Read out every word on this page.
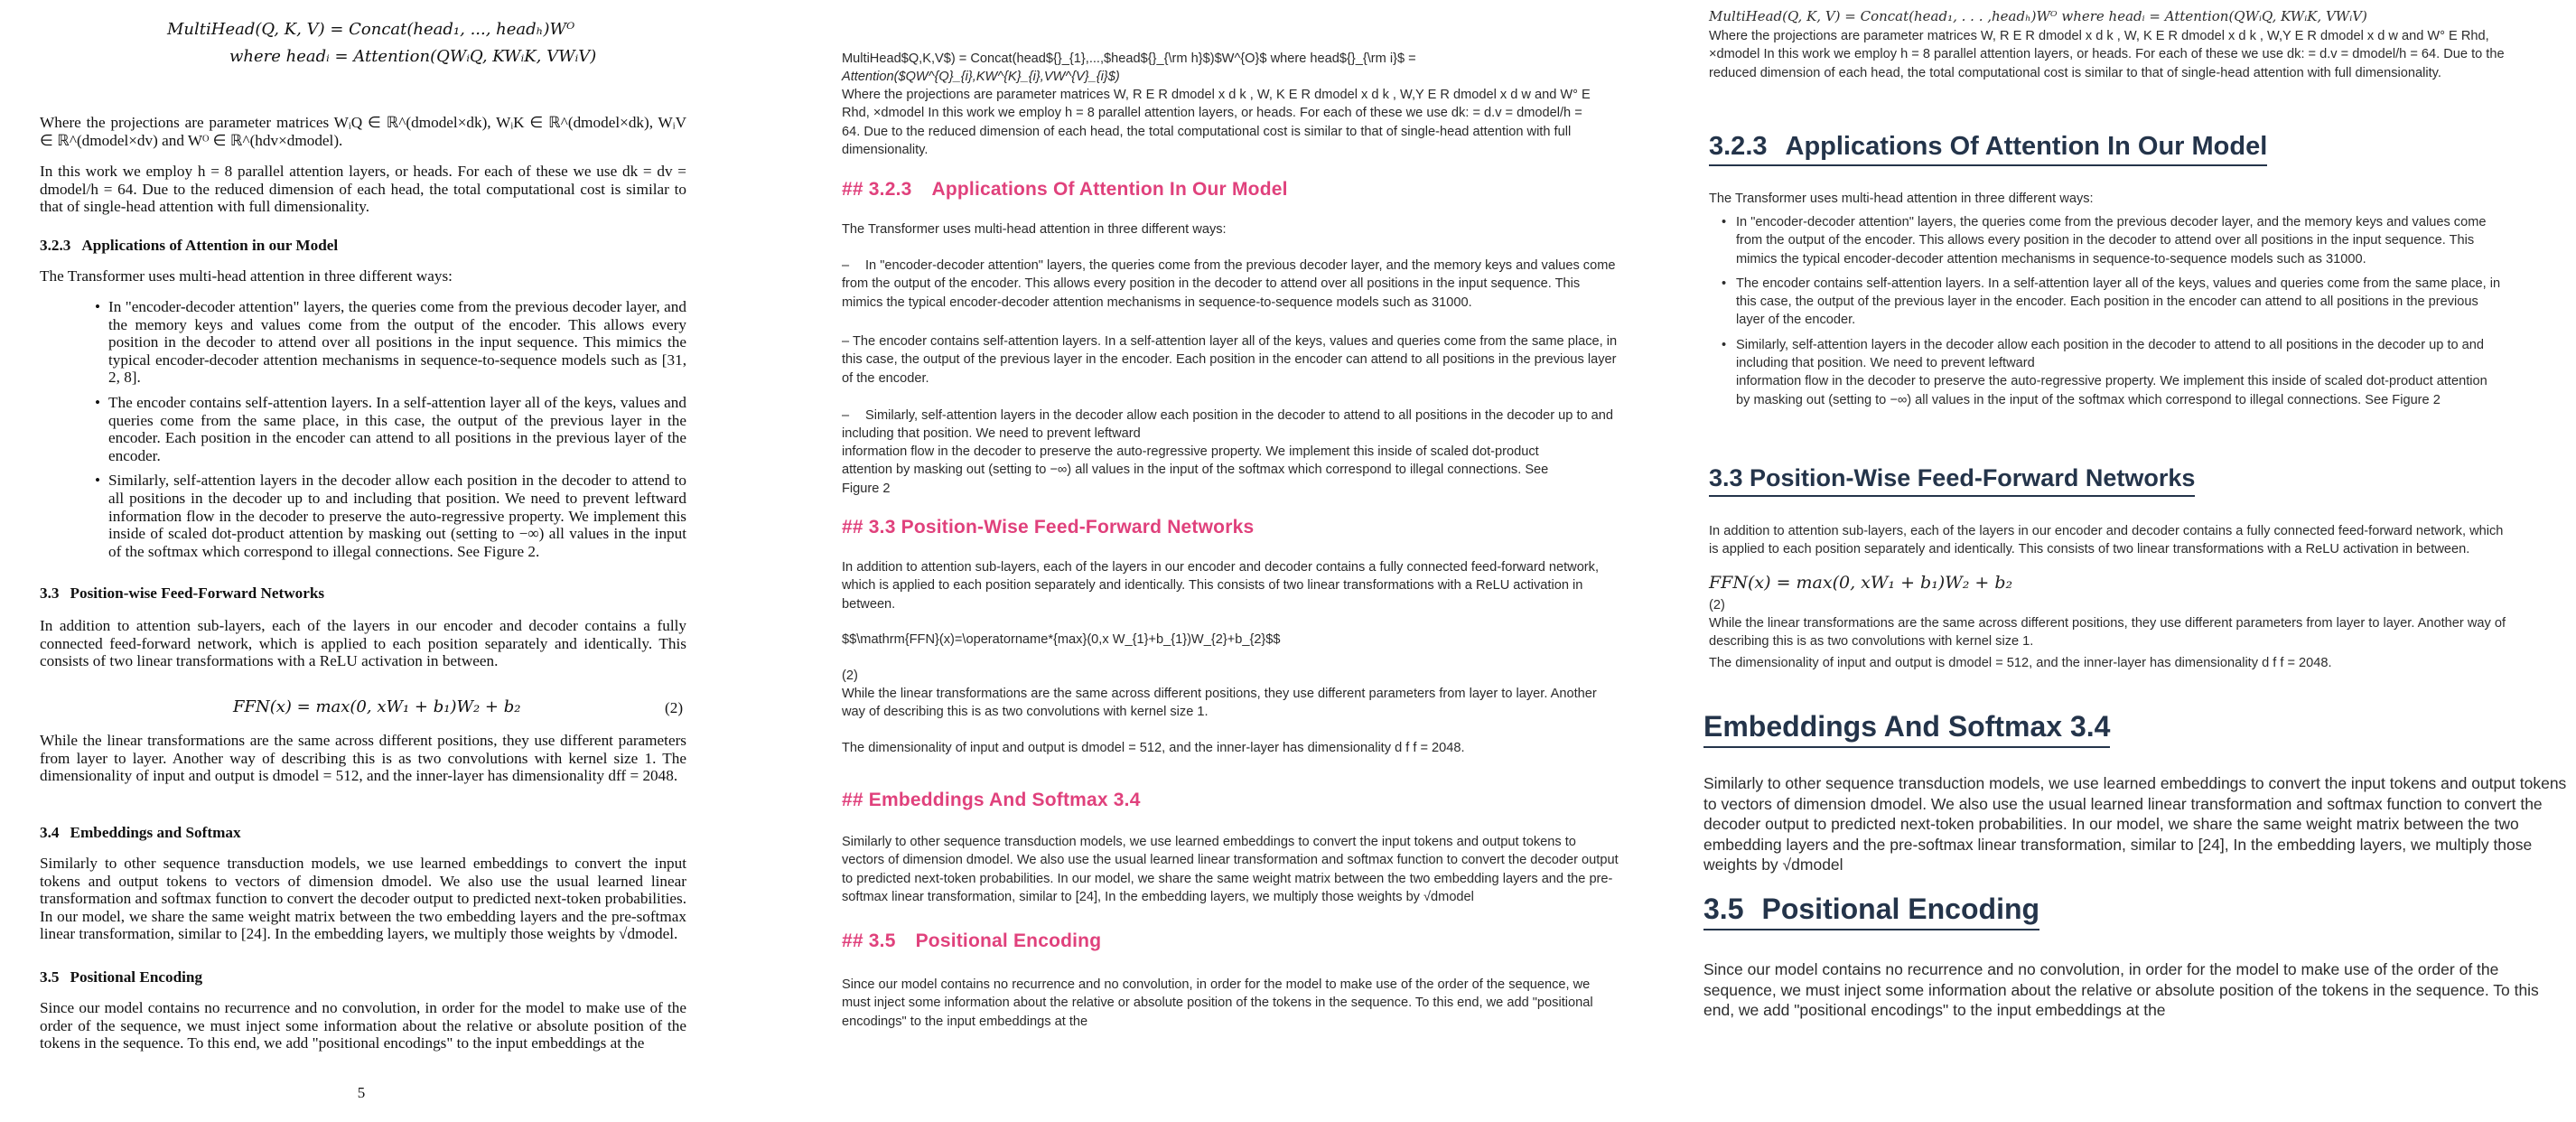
MultiHead(Q, K, V) = Concat(head₁, ..., headₕ)Wᴼ
where headᵢ = Attention(QWᵢQ, KWᵢK, VWᵢV)

Where the projections are parameter matrices WᵢQ ∈ ℝ^(dmodel×dk), WᵢK ∈ ℝ^(dmodel×dk), WᵢV ∈ ℝ^(dmodel×dv) and Wᴼ ∈ ℝ^(hdv×dmodel).

In this work we employ h = 8 parallel attention layers, or heads. For each of these we use dk = dv = dmodel/h = 64. Due to the reduced dimension of each head, the total computational cost is similar to that of single-head attention with full dimensionality.

3.2.3 Applications of Attention in our Model

The Transformer uses multi-head attention in three different ways:

• In "encoder-decoder attention" layers, the queries come from the previous decoder layer, and the memory keys and values come from the output of the encoder. This allows every position in the decoder to attend over all positions in the input sequence. This mimics the typical encoder-decoder attention mechanisms in sequence-to-sequence models such as [31, 2, 8].
• The encoder contains self-attention layers. In a self-attention layer all of the keys, values and queries come from the same place, in this case, the output of the previous layer in the encoder. Each position in the encoder can attend to all positions in the previous layer of the encoder.
• Similarly, self-attention layers in the decoder allow each position in the decoder to attend to all positions in the decoder up to and including that position. We need to prevent leftward information flow in the decoder to preserve the auto-regressive property. We implement this inside of scaled dot-product attention by masking out (setting to −∞) all values in the input of the softmax which correspond to illegal connections. See Figure 2.
3.3 Position-wise Feed-Forward Networks

In addition to attention sub-layers, each of the layers in our encoder and decoder contains a fully connected feed-forward network, which is applied to each position separately and identically. This consists of two linear transformations with a ReLU activation in between.

FFN(x) = max(0, xW₁ + b₁)W₂ + b₂	(2)

While the linear transformations are the same across different positions, they use different parameters from layer to layer. Another way of describing this is as two convolutions with kernel size 1. The dimensionality of input and output is dmodel = 512, and the inner-layer has dimensionality dff = 2048.

3.4 Embeddings and Softmax

Similarly to other sequence transduction models, we use learned embeddings to convert the input tokens and output tokens to vectors of dimension dmodel. We also use the usual learned linear transformation and softmax function to convert the decoder output to predicted next-token probabilities. In our model, we share the same weight matrix between the two embedding layers and the pre-softmax linear transformation, similar to [24]. In the embedding layers, we multiply those weights by √dmodel.

3.5 Positional Encoding

Since our model contains no recurrence and no convolution, in order for the model to make use of the order of the sequence, we must inject some information about the relative or absolute position of the tokens in the sequence. To this end, we add "positional encodings" to the input embeddings at the

5

MultiHead$Q,K,V$) = Concat(head${}_{1},...,$head${}_{\rm h}$)$W^{O}$ where head${}_{\rm i}$ =

Attention($QW^{Q}_{i},KW^{K}_{i},VW^{V}_{i}$)

Where the projections are parameter matrices W, R E R dmodel x d k , W, K E R dmodel x d k , W,Y E R dmodel x d w and W° E Rhd, ×dmodel In this work we employ h = 8 parallel attention layers, or heads. For each of these we use dk: = d.v = dmodel/h = 64. Due to the reduced dimension of each head, the total computational cost is similar to that of single-head attention with full dimensionality.

## 3.2.3 Applications Of Attention In Our Model

The Transformer uses multi-head attention in three different ways:

– In "encoder-decoder attention" layers, the queries come from the previous decoder layer, and the memory keys and values come from the output of the encoder. This allows every position in the decoder to attend over all positions in the input sequence. This mimics the typical encoder-decoder attention mechanisms in sequence-to-sequence models such as 31000.

– The encoder contains self-attention layers. In a self-attention layer all of the keys, values and queries come from the same place, in this case, the output of the previous layer in the encoder. Each position in the encoder can attend to all positions in the previous layer of the encoder.

– Similarly, self-attention layers in the decoder allow each position in the decoder to attend to all positions in the decoder up to and including that position. We need to prevent leftward

information flow in the decoder to preserve the auto-regressive property. We implement this inside of scaled dot-product attention by masking out (setting to −∞) all values in the input of the softmax which correspond to illegal connections. See Figure 2

## 3.3 Position-Wise Feed-Forward Networks

In addition to attention sub-layers, each of the layers in our encoder and decoder contains a fully connected feed-forward network, which is applied to each position separately and identically. This consists of two linear transformations with a ReLU activation in between.

$$\mathrm{FFN}(x)=\operatorname*{max}(0,x W_{1}+b_{1})W_{2}+b_{2}$$

(2)

While the linear transformations are the same across different positions, they use different parameters from layer to layer. Another way of describing this is as two convolutions with kernel size 1.

The dimensionality of input and output is dmodel = 512, and the inner-layer has dimensionality d f f = 2048.

## Embeddings And Softmax 3.4

Similarly to other sequence transduction models, we use learned embeddings to convert the input tokens and output tokens to vectors of dimension dmodel. We also use the usual learned linear transformation and softmax function to convert the decoder output to predicted next-token probabilities. In our model, we share the same weight matrix between the two embedding layers and the pre-softmax linear transformation, similar to [24], In the embedding layers, we multiply those weights by √dmodel

## 3.5 Positional Encoding

Since our model contains no recurrence and no convolution, in order for the model to make use of the order of the sequence, we must inject some information about the relative or absolute position of the tokens in the sequence. To this end, we add "positional encodings" to the input embeddings at the

MultiHead(Q, K, V) = Concat(head₁, . . . ,headₕ)Wᴼ where headᵢ = Attention(QWᵢQ, KWᵢK, VWᵢV)

Where the projections are parameter matrices W, R E R dmodel x d k , W, K E R dmodel x d k , W,Y E R dmodel x d w and W° E Rhd, ×dmodel In this work we employ h = 8 parallel attention layers, or heads. For each of these we use dk: = d.v = dmodel/h = 64. Due to the reduced dimension of each head, the total computational cost is similar to that of single-head attention with full dimensionality.

3.2.3 Applications Of Attention In Our Model

The Transformer uses multi-head attention in three different ways:

• In "encoder-decoder attention" layers, the queries come from the previous decoder layer, and the memory keys and values come from the output of the encoder. This allows every position in the decoder to attend over all positions in the input sequence. This mimics the typical encoder-decoder attention mechanisms in sequence-to-sequence models such as 31000.
• The encoder contains self-attention layers. In a self-attention layer all of the keys, values and queries come from the same place, in this case, the output of the previous layer in the encoder. Each position in the encoder can attend to all positions in the previous layer of the encoder.
• Similarly, self-attention layers in the decoder allow each position in the decoder to attend to all positions in the decoder up to and including that position. We need to prevent leftward
information flow in the decoder to preserve the auto-regressive property. We implement this inside of scaled dot-product attention by masking out (setting to −∞) all values in the input of the softmax which correspond to illegal connections. See Figure 2
3.3 Position-Wise Feed-Forward Networks

In addition to attention sub-layers, each of the layers in our encoder and decoder contains a fully connected feed-forward network, which is applied to each position separately and identically. This consists of two linear transformations with a ReLU activation in between.

FFN(x) = max(0, xW₁ + b₁)W₂ + b₂

(2)

While the linear transformations are the same across different positions, they use different parameters from layer to layer. Another way of describing this is as two convolutions with kernel size 1.

The dimensionality of input and output is dmodel = 512, and the inner-layer has dimensionality d f f = 2048.

Embeddings And Softmax 3.4

Similarly to other sequence transduction models, we use learned embeddings to convert the input tokens and output tokens to vectors of dimension dmodel. We also use the usual learned linear transformation and softmax function to convert the decoder output to predicted next-token probabilities. In our model, we share the same weight matrix between the two embedding layers and the pre-softmax linear transformation, similar to [24], In the embedding layers, we multiply those weights by √dmodel

3.5 Positional Encoding

Since our model contains no recurrence and no convolution, in order for the model to make use of the order of the sequence, we must inject some information about the relative or absolute position of the tokens in the sequence. To this end, we add "positional encodings" to the input embeddings at the
